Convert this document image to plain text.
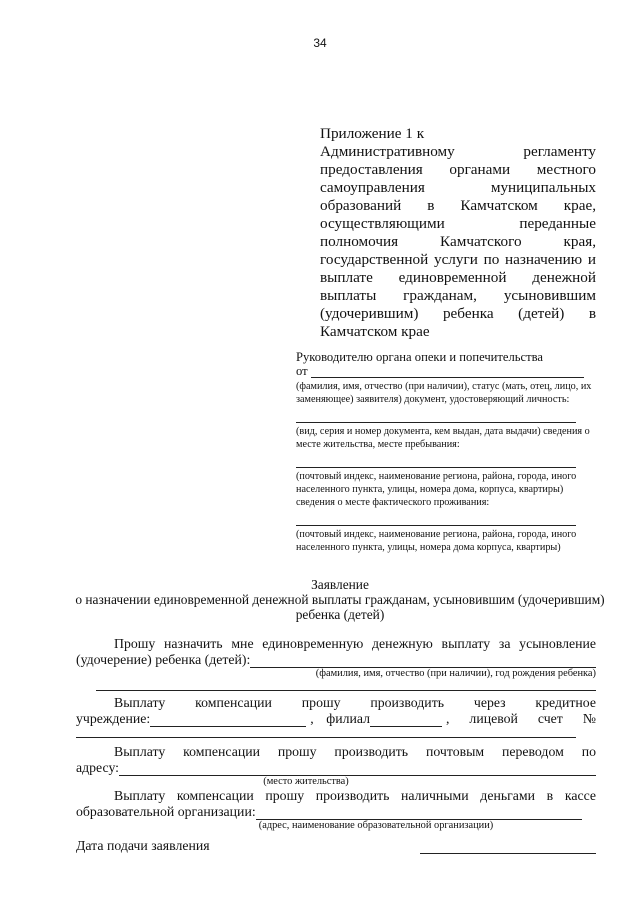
34
Приложение 1 к
Административному регламенту
предоставления органами местного
самоуправления муниципальных
образований в Камчатском крае,
осуществляющими переданные
полномочия Камчатского края,
государственной услуги по назначению и
выплате единовременной денежной
выплаты гражданам, усыновившим
(удочерившим) ребенка (детей) в
Камчатском крае
Руководителю органа опеки и попечительства
от
(фамилия, имя, отчество (при наличии), статус (мать, отец, лицо, их заменяющее) заявителя) документ, удостоверяющий личность:
(вид, серия и номер документа, кем выдан, дата выдачи) сведения о месте жительства, месте пребывания:
(почтовый индекс, наименование региона, района, города, иного населенного пункта, улицы, номера дома, корпуса, квартиры) сведения о месте фактического проживания:
(почтовый индекс, наименование региона, района, города, иного населенного пункта, улицы, номера дома корпуса, квартиры)
Заявление
о назначении единовременной денежной выплаты гражданам, усыновившим (удочерившим)
ребенка (детей)
Прошу назначить мне единовременную денежную выплату за усыновление
(удочерение) ребенка (детей):
(фамилия, имя, отчество (при наличии), год рождения ребенка)
Выплату компенсации прошу производить через кредитное
учреждение:	, филиал	, лицевой счет №
Выплату компенсации прошу производить почтовым переводом по
адресу:
(место жительства)
Выплату компенсации прошу производить наличными деньгами в кассе
образовательной организации:
(адрес, наименование образовательной организации)
Дата подачи заявления
